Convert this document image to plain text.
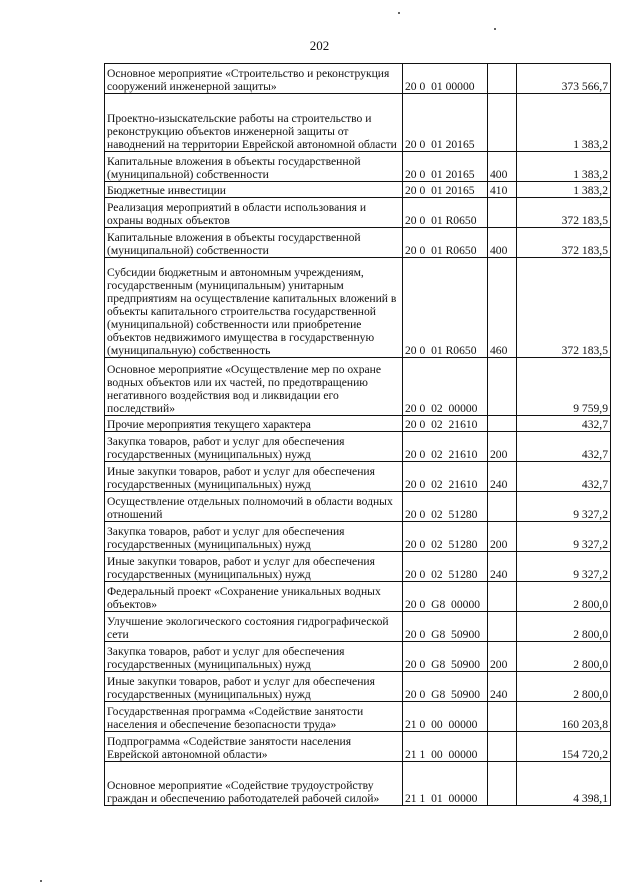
202
Основное мероприятие «Строительство и реконструкция сооружений инженерной защиты»	20 0  01 00000		373 566,7
Проектно-изыскательские работы на строительство и реконструкцию объектов инженерной защиты от наводнений на территории Еврейской автономной области	20 0  01 20165		1 383,2
Капитальные вложения в объекты государственной (муниципальной) собственности	20 0  01 20165	400	1 383,2
Бюджетные инвестиции	20 0  01 20165	410	1 383,2
Реализация мероприятий в области использования и охраны водных объектов	20 0  01 R0650		372 183,5
Капитальные вложения в объекты государственной (муниципальной) собственности	20 0  01 R0650	400	372 183,5
Субсидии бюджетным и автономным учреждениям, государственным (муниципальным) унитарным предприятиям на осуществление капитальных вложений в объекты капитального строительства государственной (муниципальной) собственности или приобретение объектов недвижимого имущества в государственную (муниципальную) собственность	20 0  01 R0650	460	372 183,5
Основное мероприятие «Осуществление мер по охране водных объектов или их частей, по предотвращению негативного воздействия вод и ликвидации его последствий»	20 0  02  00000		9 759,9
Прочие мероприятия текущего характера	20 0  02  21610		432,7
Закупка товаров, работ и услуг для обеспечения государственных (муниципальных) нужд	20 0  02  21610	200	432,7
Иные закупки товаров, работ и услуг для обеспечения государственных (муниципальных) нужд	20 0  02  21610	240	432,7
Осуществление отдельных полномочий в области водных отношений	20 0  02  51280		9 327,2
Закупка товаров, работ и услуг для обеспечения государственных (муниципальных) нужд	20 0  02  51280	200	9 327,2
Иные закупки товаров, работ и услуг для обеспечения государственных (муниципальных) нужд	20 0  02  51280	240	9 327,2
Федеральный проект «Сохранение уникальных водных объектов»	20 0  G8  00000		2 800,0
Улучшение экологического состояния гидрографической сети	20 0  G8  50900		2 800,0
Закупка товаров, работ и услуг для обеспечения государственных (муниципальных) нужд	20 0  G8  50900	200	2 800,0
Иные закупки товаров, работ и услуг для обеспечения государственных (муниципальных) нужд	20 0  G8  50900	240	2 800,0
Государственная программа «Содействие занятости населения и обеспечение безопасности труда»	21 0  00  00000		160 203,8
Подпрограмма «Содействие занятости населения Еврейской автономной области»	21 1  00  00000		154 720,2
Основное мероприятие «Содействие трудоустройству граждан и обеспечению работодателей рабочей силой»	21 1  01  00000		4 398,1
